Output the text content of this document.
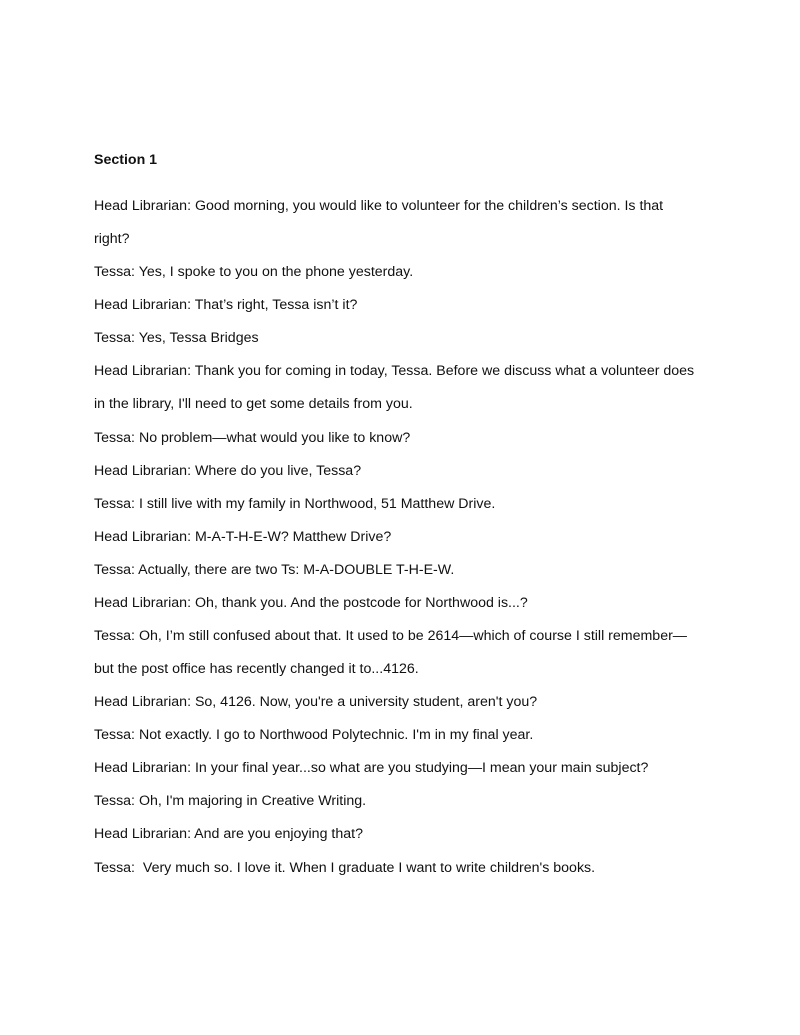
Section 1
Head Librarian: Good morning, you would like to volunteer for the children’s section. Is that
right?
Tessa: Yes, I spoke to you on the phone yesterday.
Head Librarian: That’s right, Tessa isn’t it?
Tessa: Yes, Tessa Bridges
Head Librarian: Thank you for coming in today, Tessa. Before we discuss what a volunteer does
in the library, I'll need to get some details from you.
Tessa: No problem—what would you like to know?
Head Librarian: Where do you live, Tessa?
Tessa: I still live with my family in Northwood, 51 Matthew Drive.
Head Librarian: M-A-T-H-E-W? Matthew Drive?
Tessa: Actually, there are two Ts: M-A-DOUBLE T-H-E-W.
Head Librarian: Oh, thank you. And the postcode for Northwood is...?
Tessa: Oh, I’m still confused about that. It used to be 2614—which of course I still remember—
but the post office has recently changed it to...4126.
Head Librarian: So, 4126. Now, you're a university student, aren't you?
Tessa: Not exactly. I go to Northwood Polytechnic. I'm in my final year.
Head Librarian: In your final year...so what are you studying—I mean your main subject?
Tessa: Oh, I'm majoring in Creative Writing.
Head Librarian: And are you enjoying that?
Tessa:  Very much so. I love it. When I graduate I want to write children's books.
